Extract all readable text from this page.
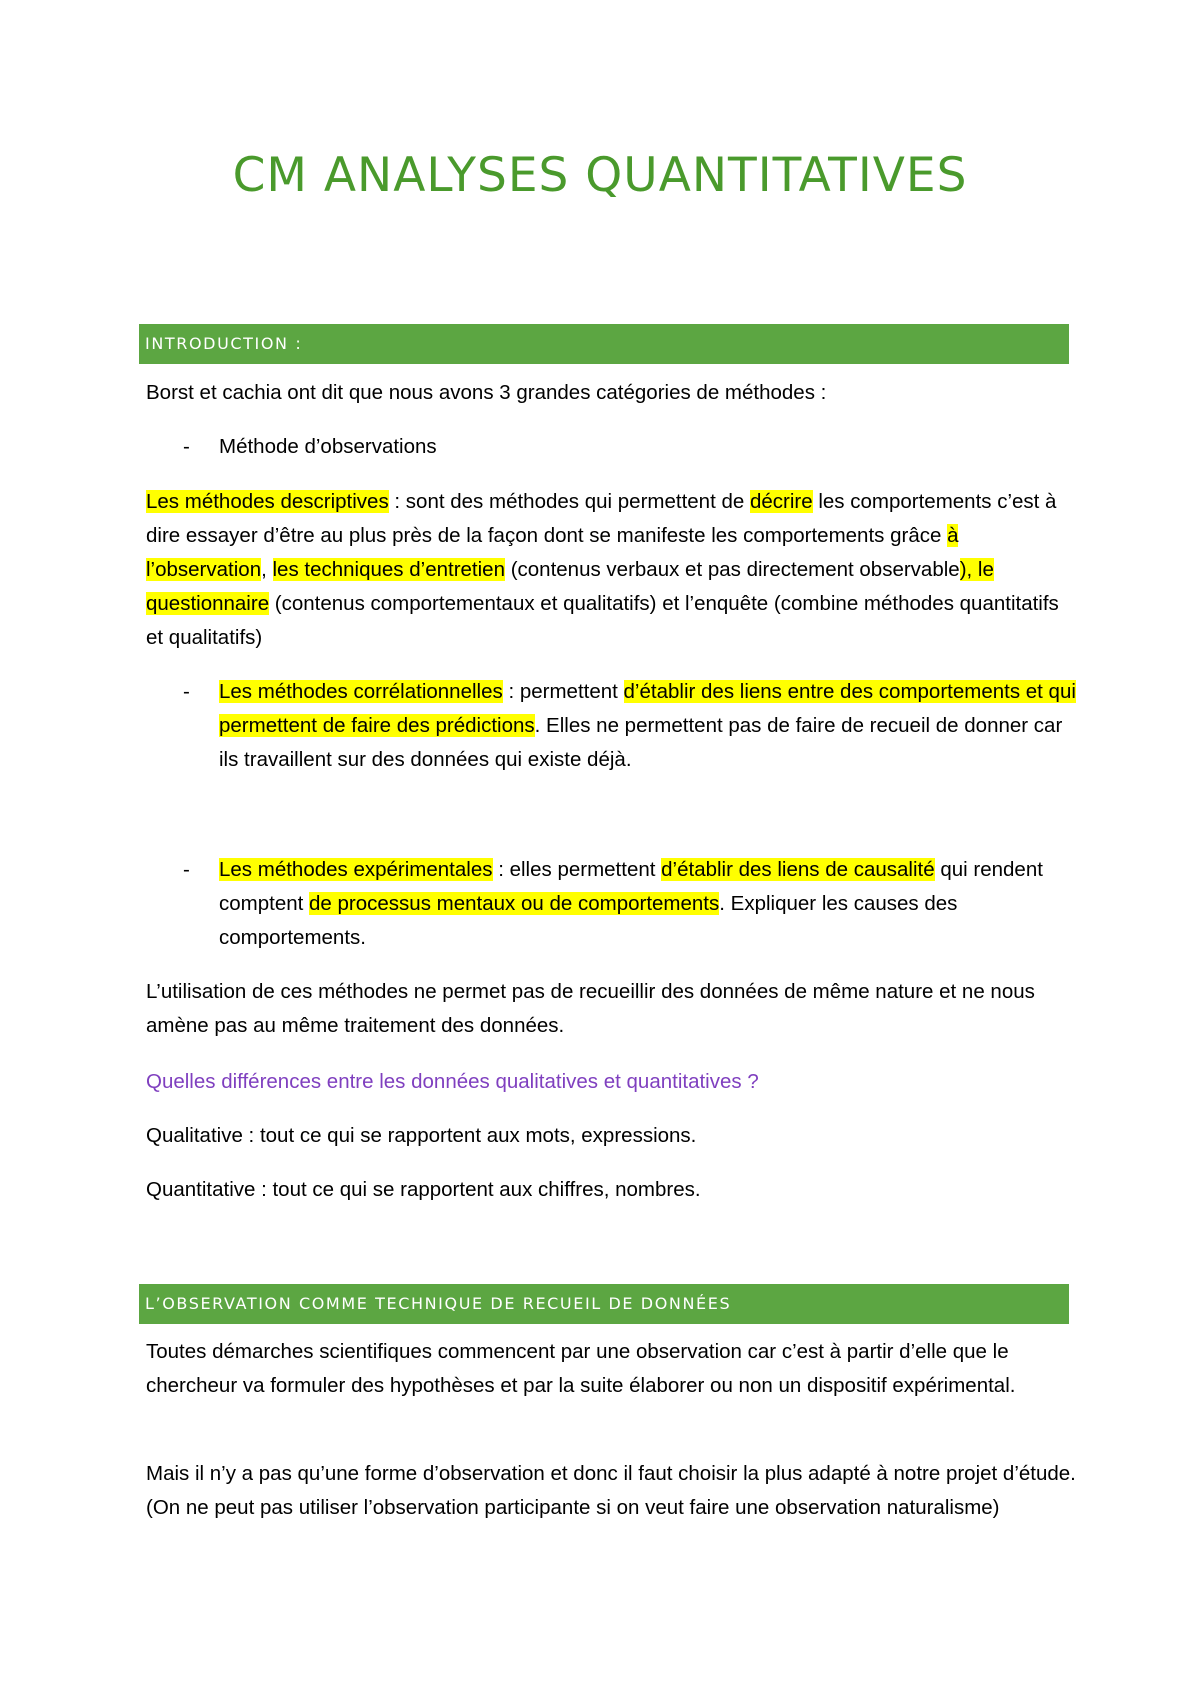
CM ANALYSES QUANTITATIVES
INTRODUCTION :

Borst et cachia ont dit que nous avons 3 grandes catégories de méthodes :

- Méthode d’observations

Les méthodes descriptives : sont des méthodes qui permettent de décrire les comportements c’est à dire essayer d’être au plus près de la façon dont se manifeste les comportements grâce à l’observation, les techniques d’entretien (contenus verbaux et pas directement observable), le questionnaire (contenus comportementaux et qualitatifs) et l’enquête (combine méthodes quantitatifs et qualitatifs)

- Les méthodes corrélationnelles : permettent d’établir des liens entre des comportements et qui permettent de faire des prédictions. Elles ne permettent pas de faire de recueil de donner car ils travaillent sur des données qui existe déjà.

- Les méthodes expérimentales : elles permettent d’établir des liens de causalité qui rendent comptent de processus mentaux ou de comportements. Expliquer les causes des comportements.

L’utilisation de ces méthodes ne permet pas de recueillir des données de même nature et ne nous amène pas au même traitement des données.

Quelles différences entre les données qualitatives et quantitatives ?

Qualitative : tout ce qui se rapportent aux mots, expressions.

Quantitative : tout ce qui se rapportent aux chiffres, nombres.

L’OBSERVATION COMME TECHNIQUE DE RECUEIL DE DONNÉES

Toutes démarches scientifiques commencent par une observation car c’est à partir d’elle que le chercheur va formuler des hypothèses et par la suite élaborer ou non un dispositif expérimental.

Mais il n’y a pas qu’une forme d’observation et donc il faut choisir la plus adapté à notre projet d’étude. (On ne peut pas utiliser l’observation participante si on veut faire une observation naturalisme)
